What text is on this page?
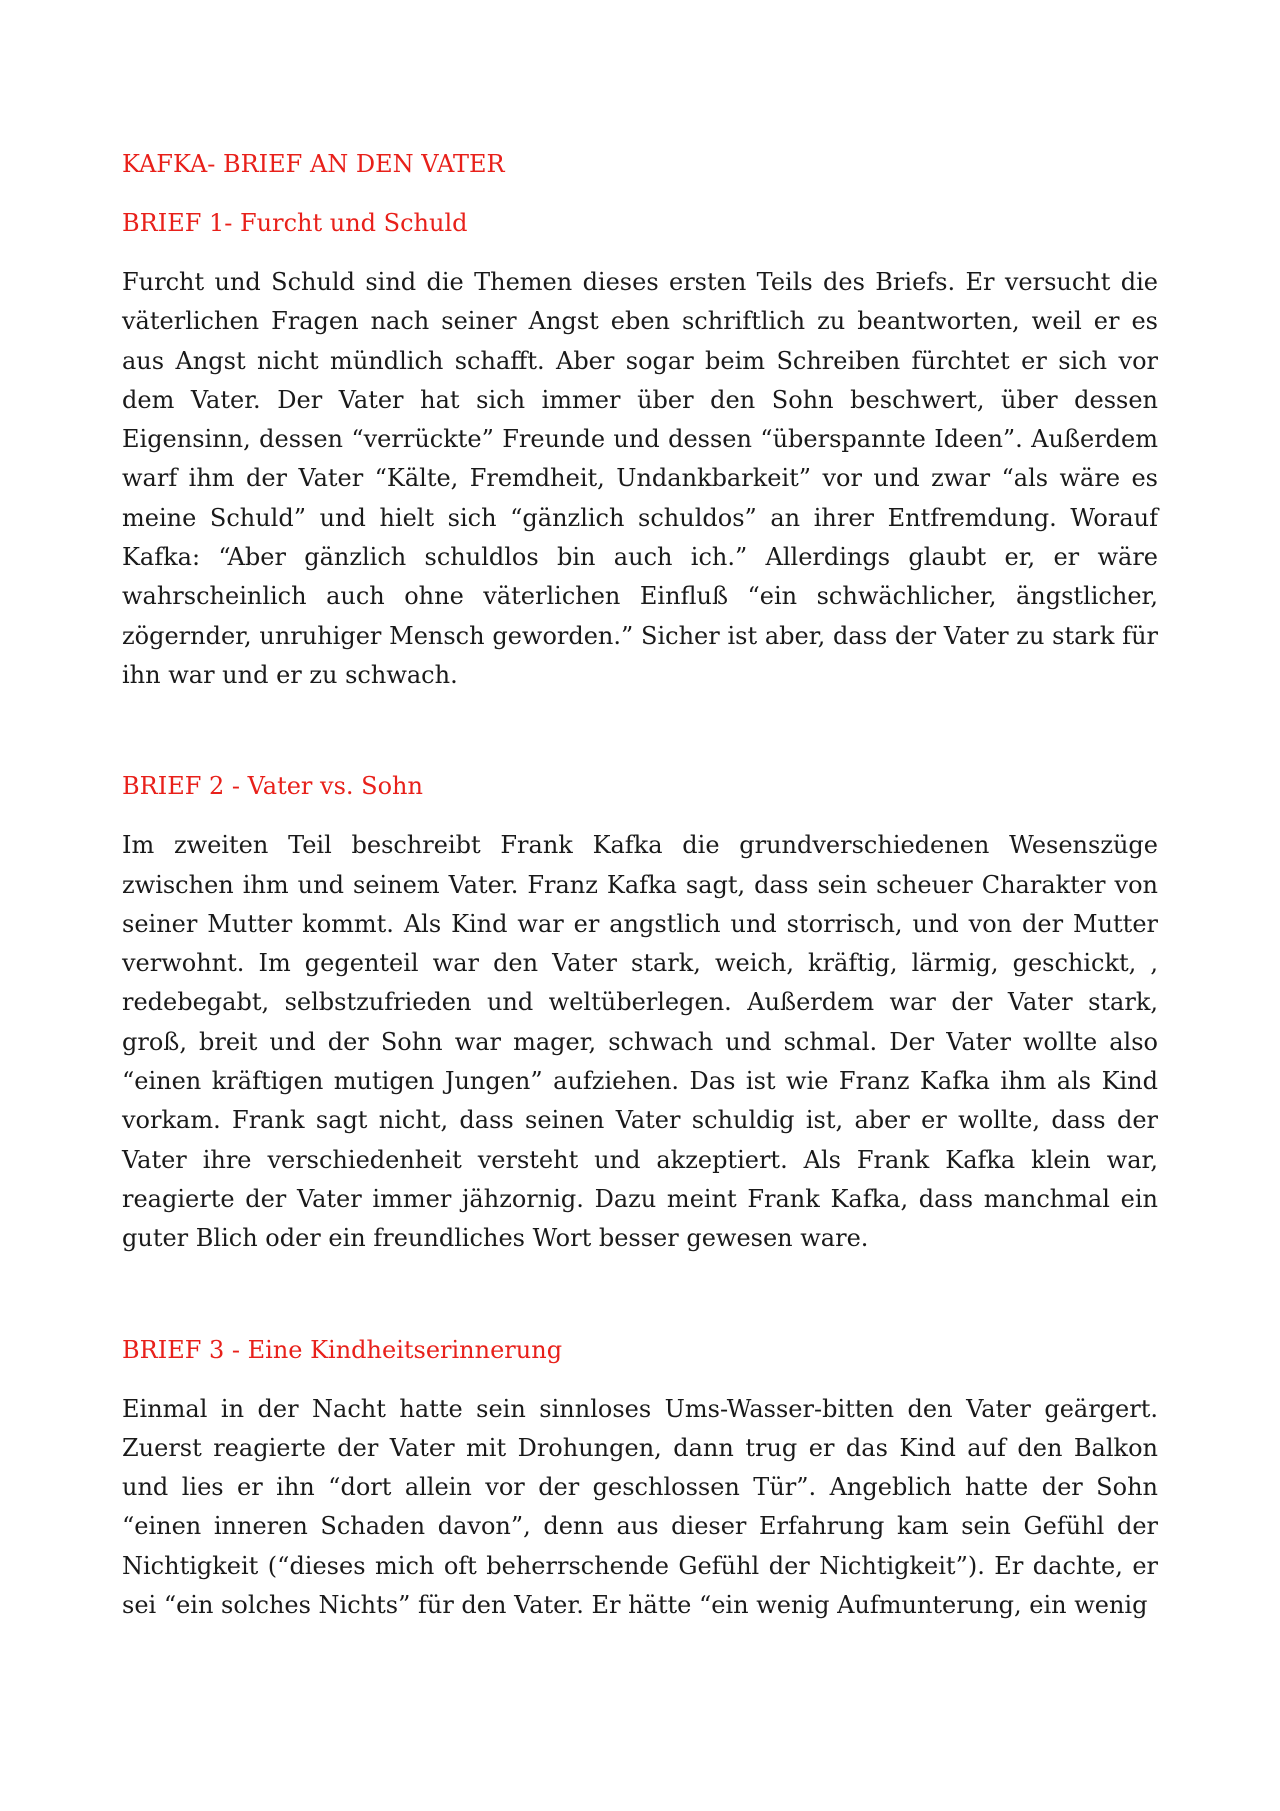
KAFKA- BRIEF AN DEN VATER
BRIEF 1- Furcht und Schuld

Furcht und Schuld sind die Themen dieses ersten Teils des Briefs. Er versucht die väterlichen Fragen nach seiner Angst eben schriftlich zu beantworten, weil er es aus Angst nicht mündlich schafft. Aber sogar beim Schreiben fürchtet er sich vor dem Vater. Der Vater hat sich immer über den Sohn beschwert, über dessen Eigensinn, dessen “verrückte” Freunde und dessen “überspannte Ideen”. Außerdem warf ihm der Vater “Kälte, Fremdheit, Undankbarkeit” vor und zwar “als wäre es meine Schuld” und hielt sich “gänzlich schuldos” an ihrer Entfremdung. Worauf Kafka: “Aber gänzlich schuldlos bin auch ich.” Allerdings glaubt er, er wäre wahrscheinlich auch ohne väterlichen Einfluß “ein schwächlicher, ängstlicher, zögernder, unruhiger Mensch geworden.” Sicher ist aber, dass der Vater zu stark für ihn war und er zu schwach.

BRIEF 2 - Vater vs. Sohn

Im zweiten Teil beschreibt Frank Kafka die grundverschiedenen Wesenszüge zwischen ihm und seinem Vater. Franz Kafka sagt, dass sein scheuer Charakter von seiner Mutter kommt. Als Kind war er angstlich und storrisch, und von der Mutter verwohnt. Im gegenteil war den Vater stark, weich, kräftig, lärmig, geschickt, , redebegabt, selbstzufrieden und weltüberlegen. Außerdem war der Vater stark, groß, breit und der Sohn war mager, schwach und schmal. Der Vater wollte also “einen kräftigen mutigen Jungen” aufziehen. Das ist wie Franz Kafka ihm als Kind vorkam. Frank sagt nicht, dass seinen Vater schuldig ist, aber er wollte, dass der Vater ihre verschiedenheit versteht und akzeptiert. Als Frank Kafka klein war, reagierte der Vater immer jähzornig. Dazu meint Frank Kafka, dass manchmal ein guter Blich oder ein freundliches Wort besser gewesen ware.

BRIEF 3 - Eine Kindheitserinnerung

Einmal in der Nacht hatte sein sinnloses Ums-Wasser-bitten den Vater geärgert. Zuerst reagierte der Vater mit Drohungen, dann trug er das Kind auf den Balkon und lies er ihn “dort allein vor der geschlossen Tür”. Angeblich hatte der Sohn “einen inneren Schaden davon”, denn aus dieser Erfahrung kam sein Gefühl der Nichtigkeit (“dieses mich oft beherrschende Gefühl der Nichtigkeit”). Er dachte, er sei “ein solches Nichts” für den Vater. Er hätte “ein wenig Aufmunterung, ein wenig
